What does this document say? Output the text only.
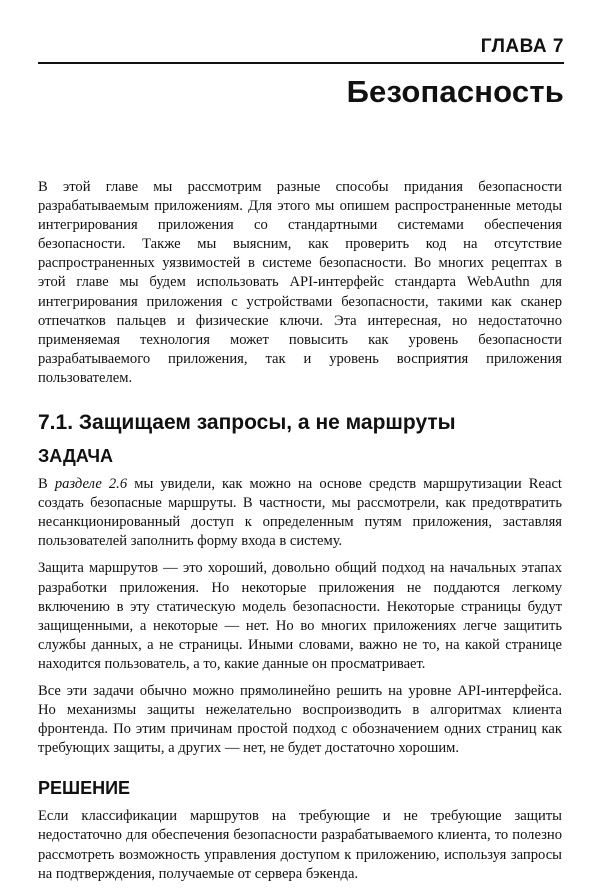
ГЛАВА 7
Безопасность

В этой главе мы рассмотрим разные способы придания безопасности разрабатываемым приложениям. Для этого мы опишем распространенные методы интегрирования приложения со стандартными системами обеспечения безопасности. Также мы выясним, как проверить код на отсутствие распространенных уязвимостей в системе безопасности. Во многих рецептах в этой главе мы будем использовать API-интерфейс стандарта WebAuthn для интегрирования приложения с устройствами безопасности, такими как сканер отпечатков пальцев и физические ключи. Эта интересная, но недостаточно применяемая технология может повысить как уровень безопасности разрабатываемого приложения, так и уровень восприятия приложения пользователем.

7.1. Защищаем запросы, а не маршруты
ЗАДАЧА

В разделе 2.6 мы увидели, как можно на основе средств маршрутизации React создать безопасные маршруты. В частности, мы рассмотрели, как предотвратить несанкционированный доступ к определенным путям приложения, заставляя пользователей заполнить форму входа в систему.

Защита маршрутов — это хороший, довольно общий подход на начальных этапах разработки приложения. Но некоторые приложения не поддаются легкому включению в эту статическую модель безопасности. Некоторые страницы будут защищенными, а некоторые — нет. Но во многих приложениях легче защитить службы данных, а не страницы. Иными словами, важно не то, на какой странице находится пользователь, а то, какие данные он просматривает.

Все эти задачи обычно можно прямолинейно решить на уровне API-интерфейса. Но механизмы защиты нежелательно воспроизводить в алгоритмах клиента фронтенда. По этим причинам простой подход с обозначением одних страниц как требующих защиты, а других — нет, не будет достаточно хорошим.

РЕШЕНИЕ

Если классификации маршрутов на требующие и не требующие защиты недостаточно для обеспечения безопасности разрабатываемого клиента, то полезно рассмотреть возможность управления доступом к приложению, используя запросы на подтверждения, получаемые от сервера бэкенда.
